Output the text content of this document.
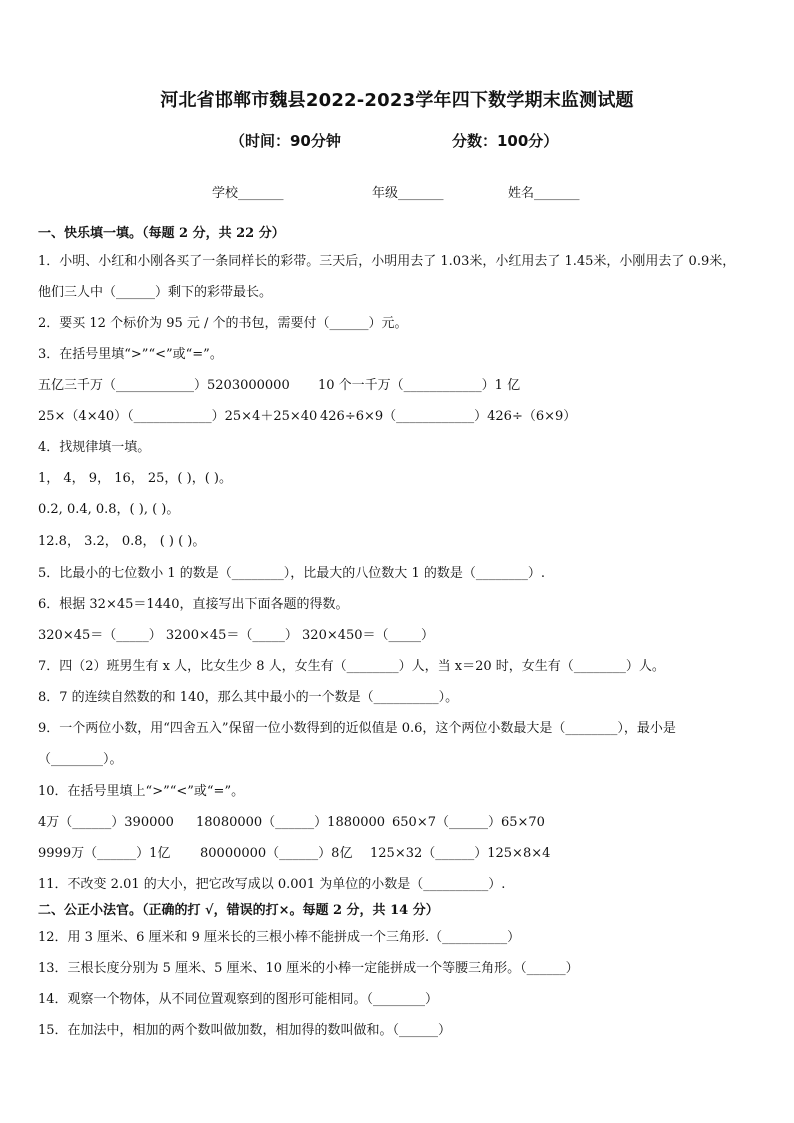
河北省邯郸市魏县2022-2023学年四下数学期末监测试题
（时间：90分钟	分数：100分）
学校_______	年级_______	姓名_______
一、快乐填一填。（每题 2 分，共 22 分）
1．小明、小红和小刚各买了一条同样长的彩带。三天后，小明用去了 1.03米，小红用去了 1.45米，小刚用去了 0.9米，
他们三人中（______）剩下的彩带最长。
2．要买 12 个标价为 95 元 / 个的书包，需要付（______）元。
3．在括号里填“>”“<”或“=”。
五亿三千万（____________）5203000000 10 个一千万（____________）1 亿
25×（4×40）（____________）25×4＋25×40 426÷6×9（____________）426÷（6×9）
4．找规律填一填。
1， 4， 9， 16， 25，( )，( )。
0.2, 0.4, 0.8，( ), ( )。
12.8， 3.2， 0.8， ( ) ( )。
5．比最小的七位数小 1 的数是（________），比最大的八位数大 1 的数是（________）.
6．根据 32×45＝1440，直接写出下面各题的得数。
320×45＝（_____） 3200×45＝（_____） 320×450＝（_____）
7．四（2）班男生有 x 人，比女生少 8 人，女生有（________）人，当 x＝20 时，女生有（________）人。
8．7 的连续自然数的和 140，那么其中最小的一个数是（__________）。
9．一个两位小数，用“四舍五入”保留一位小数得到的近似值是 0.6，这个两位小数最大是（________），最小是
（________）。
10．在括号里填上“>”“<”或“=”。
4万（______）390000 18080000（______）1880000 650×7（______）65×70
9999万（______）1亿 80000000（______）8亿 125×32（______）125×8×4
11．不改变 2.01 的大小，把它改写成以 0.001 为单位的小数是（__________）.
二、公正小法官。（正确的打 √，错误的打×。每题 2 分，共 14 分）
12．用 3 厘米、6 厘米和 9 厘米长的三根小棒不能拼成一个三角形.（__________）
13．三根长度分别为 5 厘米、5 厘米、10 厘米的小棒一定能拼成一个等腰三角形。（______）
14．观察一个物体，从不同位置观察到的图形可能相同。（________）
15．在加法中，相加的两个数叫做加数，相加得的数叫做和。（______）
